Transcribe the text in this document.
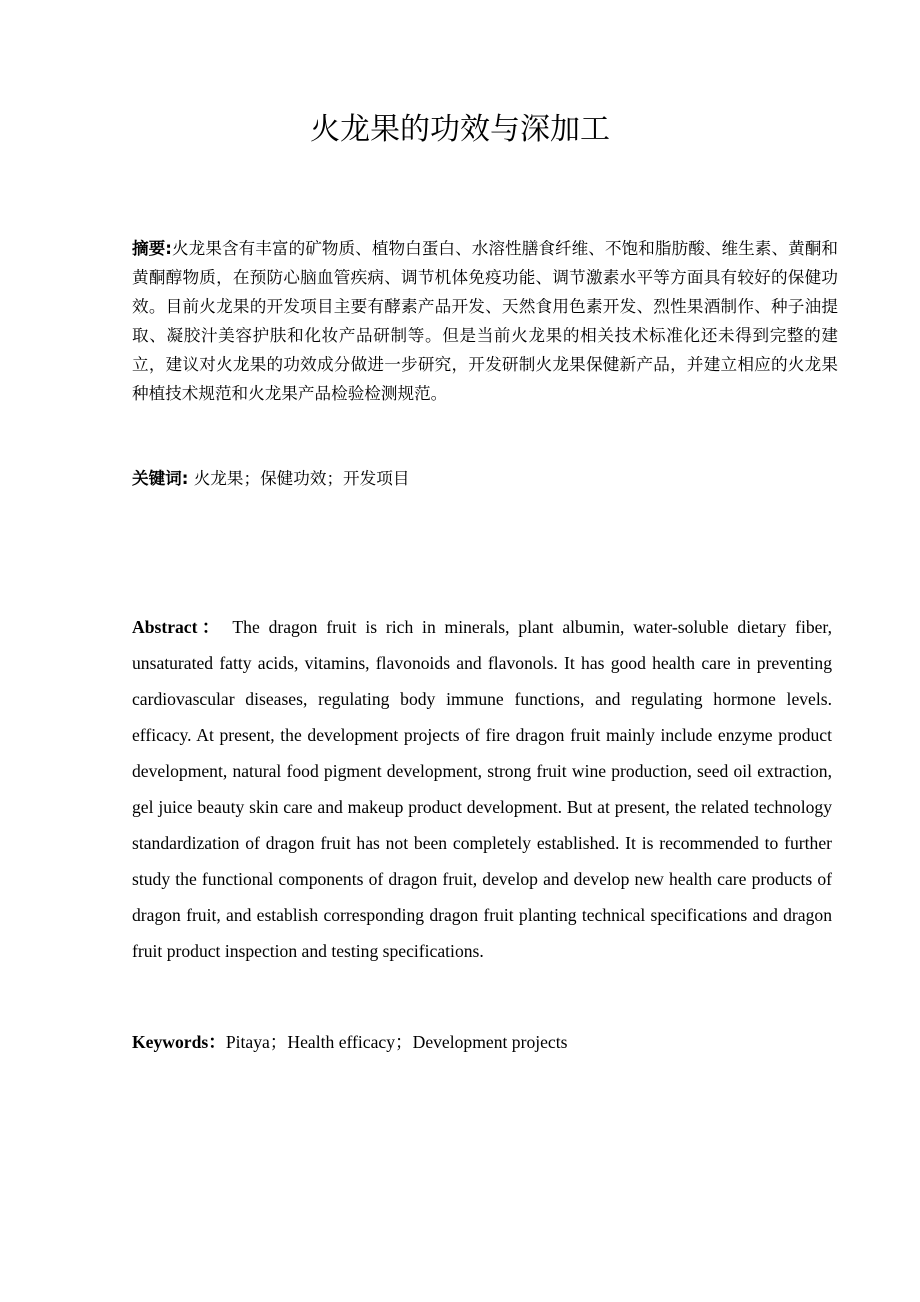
火龙果的功效与深加工

摘要:火龙果含有丰富的矿物质、植物白蛋白、水溶性膳食纤维、不饱和脂肪酸、维生素、黄酮和黄酮醇物质，在预防心脑血管疾病、调节机体免疫功能、调节激素水平等方面具有较好的保健功效。目前火龙果的开发项目主要有酵素产品开发、天然食用色素开发、烈性果酒制作、种子油提取、凝胶汁美容护肤和化妆产品研制等。但是当前火龙果的相关技术标准化还未得到完整的建立，建议对火龙果的功效成分做进一步研究，开发研制火龙果保健新产品，并建立相应的火龙果种植技术规范和火龙果产品检验检测规范。

关键词: 火龙果；保健功效；开发项目

Abstract： The dragon fruit is rich in minerals, plant albumin, water-soluble dietary fiber, unsaturated fatty acids, vitamins, flavonoids and flavonols. It has good health care in preventing cardiovascular diseases, regulating body immune functions, and regulating hormone levels. efficacy. At present, the development projects of fire dragon fruit mainly include enzyme product development, natural food pigment development, strong fruit wine production, seed oil extraction, gel juice beauty skin care and makeup product development. But at present, the related technology standardization of dragon fruit has not been completely established. It is recommended to further study the functional components of dragon fruit, develop and develop new health care products of dragon fruit, and establish corresponding dragon fruit planting technical specifications and dragon fruit product inspection and testing specifications.

Keywords：Pitaya；Health efficacy；Development projects
